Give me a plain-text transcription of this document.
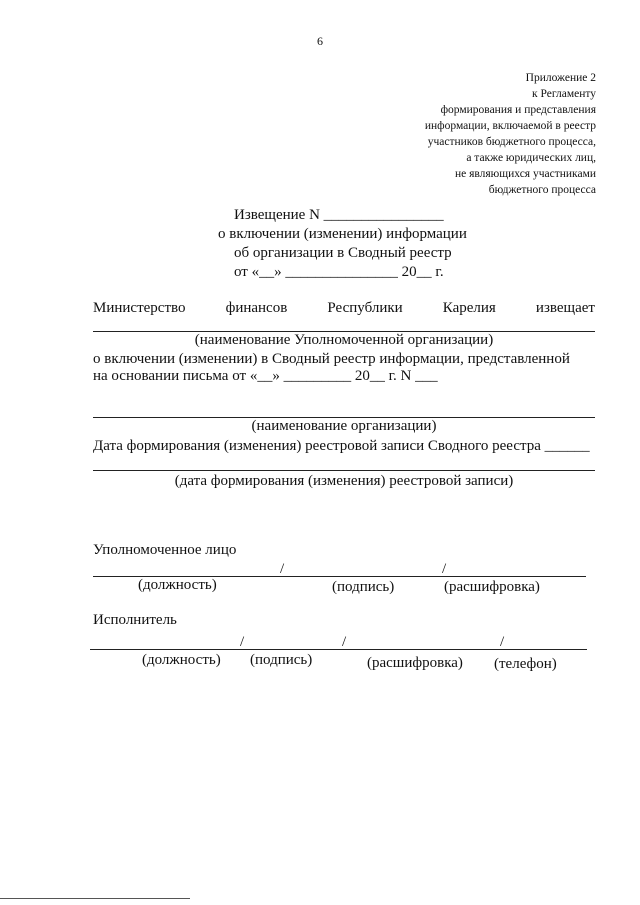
6
Приложение 2
к Регламенту
формирования и представления
информации, включаемой в реестр
участников бюджетного процесса,
а также юридических лиц,
не являющихся участниками
бюджетного процесса
Извещение N ________________
о включении (изменении) информации
об организации в Сводный реестр
от «__» _______________ 20__ г.
Министерство	финансов	Республики	Карелия	извещает
(наименование Уполномоченной организации)
о включении (изменении) в Сводный реестр информации, представленной
на основании письма от «__» _________ 20__ г. N ___
(наименование организации)
Дата формирования (изменения) реестровой записи Сводного реестра ______
(дата формирования (изменения) реестровой записи)
Уполномоченное лицо
/	/
(должность)	(подпись)	(расшифровка)
Исполнитель
/	/	/
(должность) (подпись)	(расшифровка) (телефон)
